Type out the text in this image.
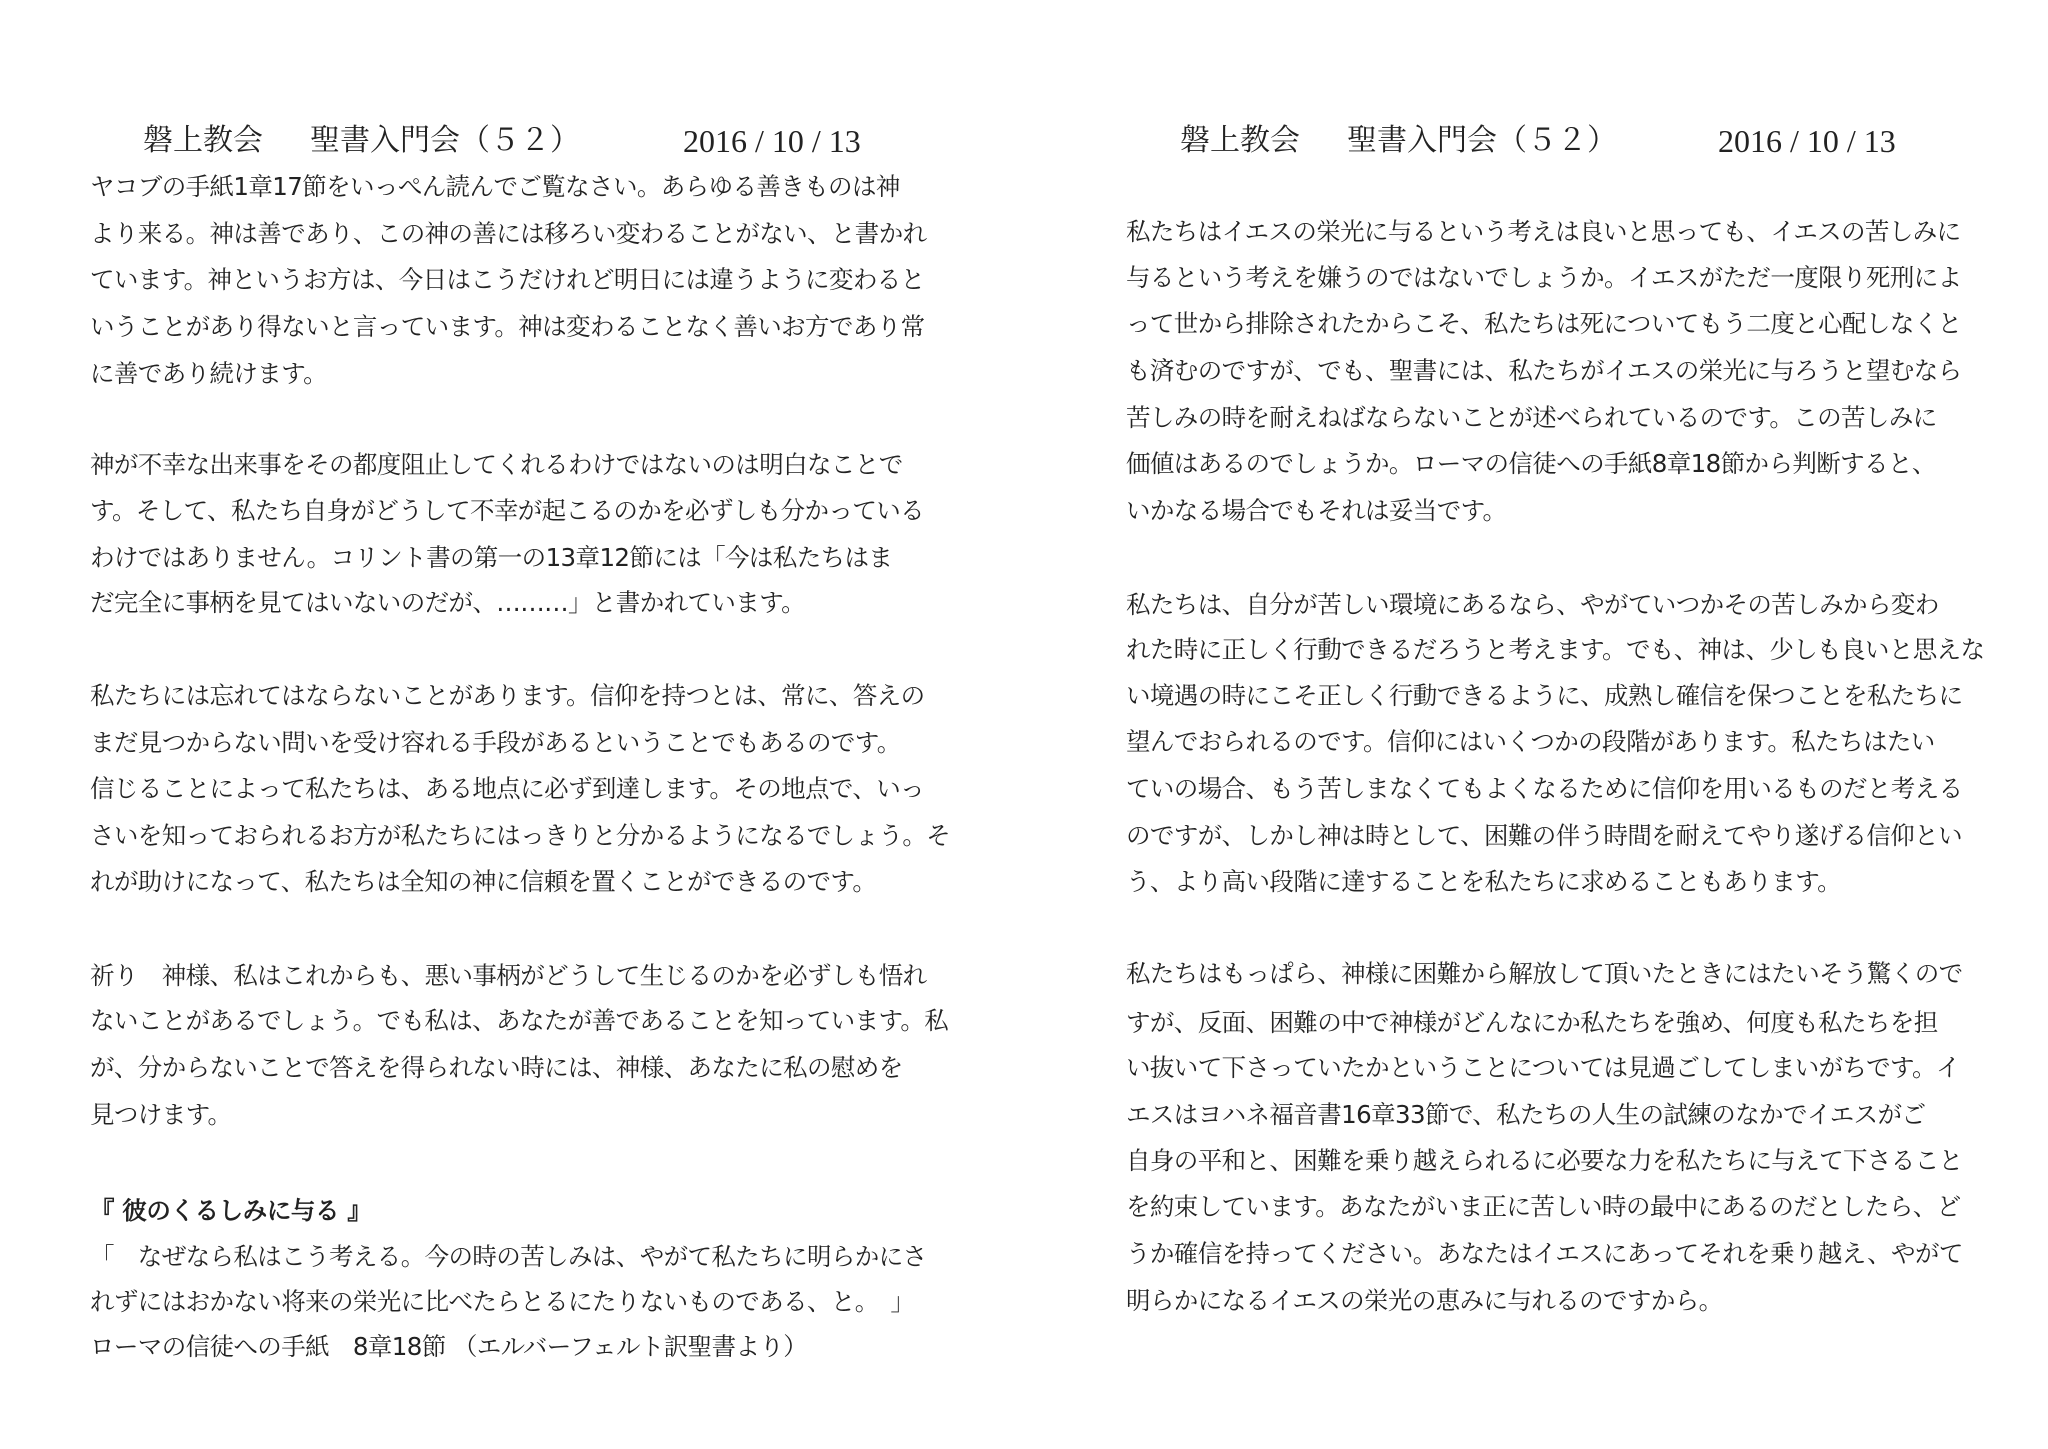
磐上教会 聖書入門会（５２）	2016 / 10 / 13
ヤコブの手紙1章17節をいっぺん読んでご覧なさい。あらゆる善きものは神
より来る。神は善であり、この神の善には移ろい変わることがない、と書かれ
ています。神というお方は、今日はこうだけれど明日には違うように変わると
いうことがあり得ないと言っています。神は変わることなく善いお方であり常
に善であり続けます。
神が不幸な出来事をその都度阻止してくれるわけではないのは明白なことで
す。そして、私たち自身がどうして不幸が起こるのかを必ずしも分かっている
わけではありません。コリント書の第一の13章12節には「今は私たちはま
だ完全に事柄を見てはいないのだが、………」と書かれています。
私たちには忘れてはならないことがあります。信仰を持つとは、常に、答えの
まだ見つからない問いを受け容れる手段があるということでもあるのです。
信じることによって私たちは、ある地点に必ず到達します。その地点で、いっ
さいを知っておられるお方が私たちにはっきりと分かるようになるでしょう。そ
れが助けになって、私たちは全知の神に信頼を置くことができるのです。
祈り　神様、私はこれからも、悪い事柄がどうして生じるのかを必ずしも悟れ
ないことがあるでしょう。でも私は、あなたが善であることを知っています。私
が、分からないことで答えを得られない時には、神様、あなたに私の慰めを
見つけます。
『 彼のくるしみに与る 』
「　なぜなら私はこう考える。今の時の苦しみは、やがて私たちに明らかにさ
れずにはおかない将来の栄光に比べたらとるにたりないものである、と。　」
ローマの信徒への手紙　8章18節 （エルバーフェルト訳聖書より）
磐上教会 聖書入門会（５２）	2016 / 10 / 13
私たちはイエスの栄光に与るという考えは良いと思っても、イエスの苦しみに
与るという考えを嫌うのではないでしょうか。イエスがただ一度限り死刑によ
って世から排除されたからこそ、私たちは死についてもう二度と心配しなくと
も済むのですが、でも、聖書には、私たちがイエスの栄光に与ろうと望むなら
苦しみの時を耐えねばならないことが述べられているのです。この苦しみに
価値はあるのでしょうか。ローマの信徒への手紙8章18節から判断すると、
いかなる場合でもそれは妥当です。
私たちは、自分が苦しい環境にあるなら、やがていつかその苦しみから変わ
れた時に正しく行動できるだろうと考えます。でも、神は、少しも良いと思えな
い境遇の時にこそ正しく行動できるように、成熟し確信を保つことを私たちに
望んでおられるのです。信仰にはいくつかの段階があります。私たちはたい
ていの場合、もう苦しまなくてもよくなるために信仰を用いるものだと考える
のですが、しかし神は時として、困難の伴う時間を耐えてやり遂げる信仰とい
う、より高い段階に達することを私たちに求めることもあります。
私たちはもっぱら、神様に困難から解放して頂いたときにはたいそう驚くので
すが、反面、困難の中で神様がどんなにか私たちを強め、何度も私たちを担
い抜いて下さっていたかということについては見過ごしてしまいがちです。イ
エスはヨハネ福音書16章33節で、私たちの人生の試練のなかでイエスがご
自身の平和と、困難を乗り越えられるに必要な力を私たちに与えて下さること
を約束しています。あなたがいま正に苦しい時の最中にあるのだとしたら、ど
うか確信を持ってください。あなたはイエスにあってそれを乗り越え、やがて
明らかになるイエスの栄光の恵みに与れるのですから。
